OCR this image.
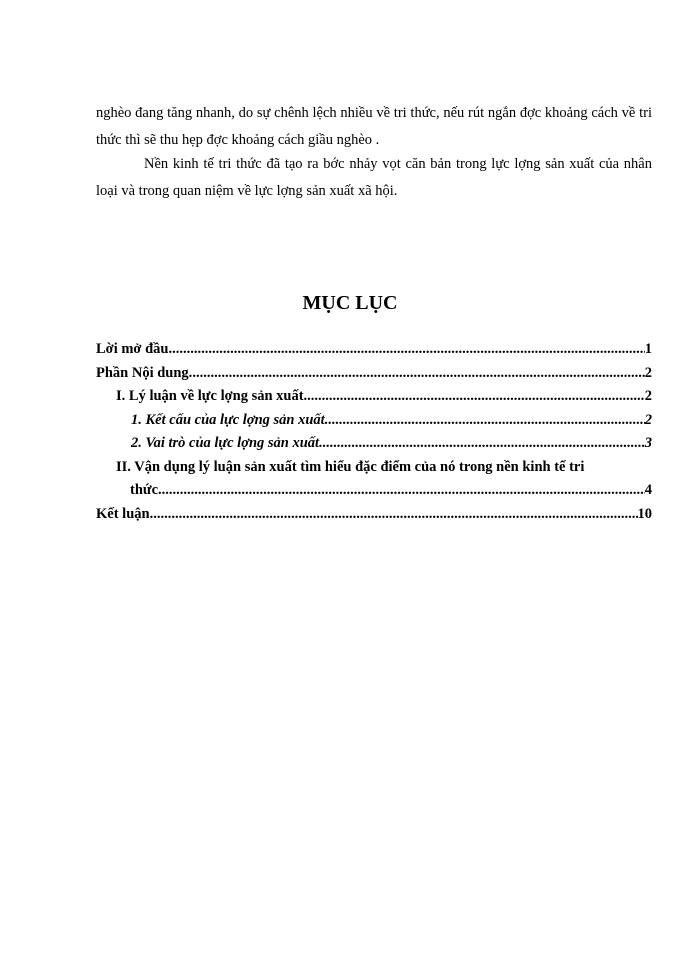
nghèo đang tăng nhanh, do sự chênh lệch nhiều về tri thức, nếu rút ngắn đợc khoảng cách về tri thức thì sẽ thu hẹp đợc khoảng cách giầu nghèo .

Nền kinh tế tri thức đã tạo ra bớc nhảy vọt căn bản trong lực lợng sản xuất của nhân loại và trong quan niệm về lực lợng sản xuất xã hội.

MỤC LỤC
Lời mở đầu. .....	1
Phần Nội dung. .....	2
I. Lý luận về lực lợng sản xuất. .....	2
1. Kết cấu của lực lợng sản xuất. .....	2
2. Vai trò của lực lợng sản xuất .....	3
II. Vận dụng lý luận sản xuất tìm hiểu đặc điểm của nó trong nền kinh tế tri
thức. .....	4
Kết luận. .....	10
